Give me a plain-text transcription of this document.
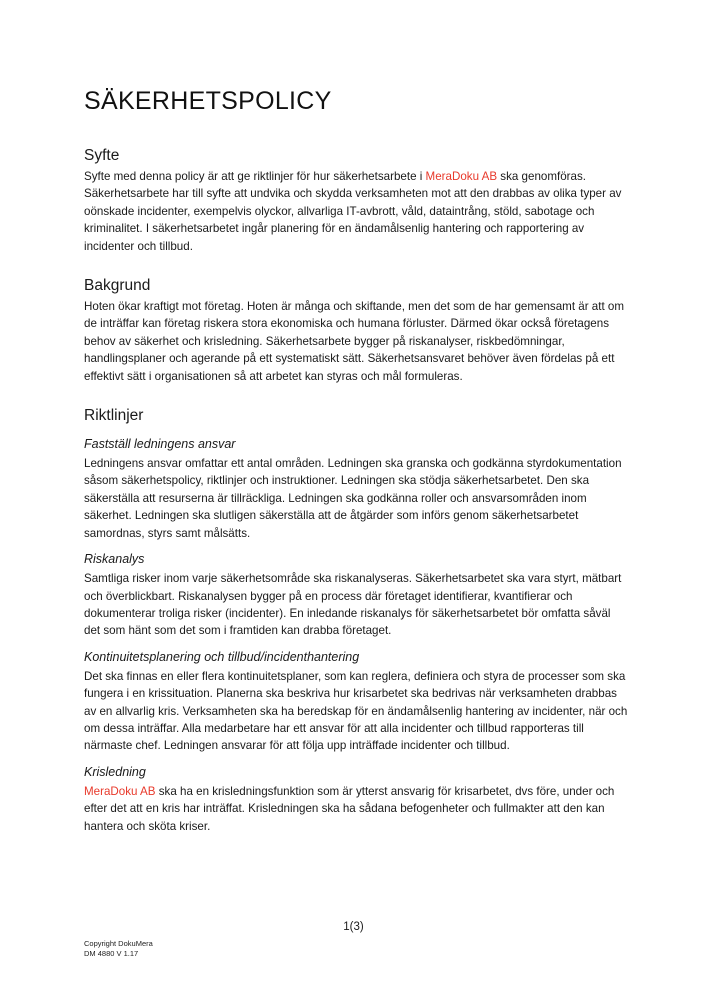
SÄKERHETSPOLICY
Syfte

Syfte med denna policy är att ge riktlinjer för hur säkerhetsarbete i MeraDoku AB ska genomföras. Säkerhetsarbete har till syfte att undvika och skydda verksamheten mot att den drabbas av olika typer av oönskade incidenter, exempelvis olyckor, allvarliga IT-avbrott, våld, dataintrång, stöld, sabotage och kriminalitet. I säkerhetsarbetet ingår planering för en ändamålsenlig hantering och rapportering av incidenter och tillbud.

Bakgrund

Hoten ökar kraftigt mot företag. Hoten är många och skiftande, men det som de har gemensamt är att om de inträffar kan företag riskera stora ekonomiska och humana förluster. Därmed ökar också företagens behov av säkerhet och krisledning. Säkerhetsarbete bygger på riskanalyser, riskbedömningar, handlingsplaner och agerande på ett systematiskt sätt. Säkerhetsansvaret behöver även fördelas på ett effektivt sätt i organisationen så att arbetet kan styras och mål formuleras.

Riktlinjer
Fastställ ledningens ansvar

Ledningens ansvar omfattar ett antal områden. Ledningen ska granska och godkänna styrdokumentation såsom säkerhetspolicy, riktlinjer och instruktioner. Ledningen ska stödja säkerhetsarbetet. Den ska säkerställa att resurserna är tillräckliga. Ledningen ska godkänna roller och ansvarsområden inom säkerhet. Ledningen ska slutligen säkerställa att de åtgärder som införs genom säkerhetsarbetet samordnas, styrs samt målsätts.

Riskanalys

Samtliga risker inom varje säkerhetsområde ska riskanalyseras. Säkerhetsarbetet ska vara styrt, mätbart och överblickbart. Riskanalysen bygger på en process där företaget identifierar, kvantifierar och dokumenterar troliga risker (incidenter). En inledande riskanalys för säkerhetsarbetet bör omfatta såväl det som hänt som det som i framtiden kan drabba företaget.

Kontinuitetsplanering och tillbud/incidenthantering

Det ska finnas en eller flera kontinuitetsplaner, som kan reglera, definiera och styra de processer som ska fungera i en krissituation. Planerna ska beskriva hur krisarbetet ska bedrivas när verksamheten drabbas av en allvarlig kris. Verksamheten ska ha beredskap för en ändamålsenlig hantering av incidenter, när och om dessa inträffar. Alla medarbetare har ett ansvar för att alla incidenter och tillbud rapporteras till närmaste chef. Ledningen ansvarar för att följa upp inträffade incidenter och tillbud.

Krisledning

MeraDoku AB ska ha en krisledningsfunktion som är ytterst ansvarig för krisarbetet, dvs före, under och efter det att en kris har inträffat. Krisledningen ska ha sådana befogenheter och fullmakter att den kan hantera och sköta kriser.

1(3)
Copyright DokuMera
DM 4880 V 1.17
